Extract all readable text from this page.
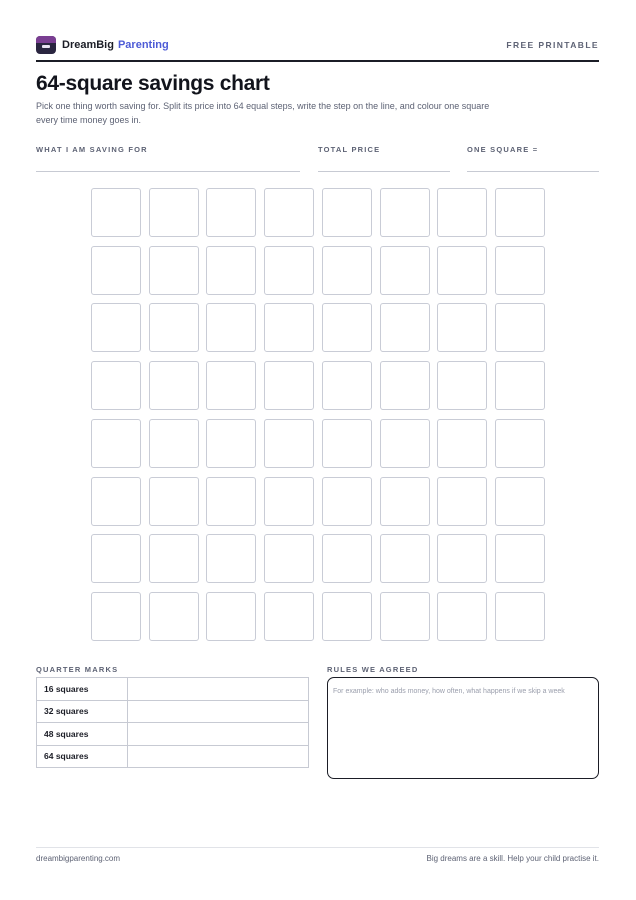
DreamBig Parenting	FREE PRINTABLE
64-square savings chart

Pick one thing worth saving for. Split its price into 64 equal steps, write the step on the line, and colour one square every time money goes in.

WHAT I AM SAVING FOR	TOTAL PRICE	ONE SQUARE =
QUARTER MARKS
16 squares	
32 squares	
48 squares	
64 squares	
RULES WE AGREED
For example: who adds money, how often, what happens if we skip a week
dreambigparenting.com	Big dreams are a skill. Help your child practise it.
